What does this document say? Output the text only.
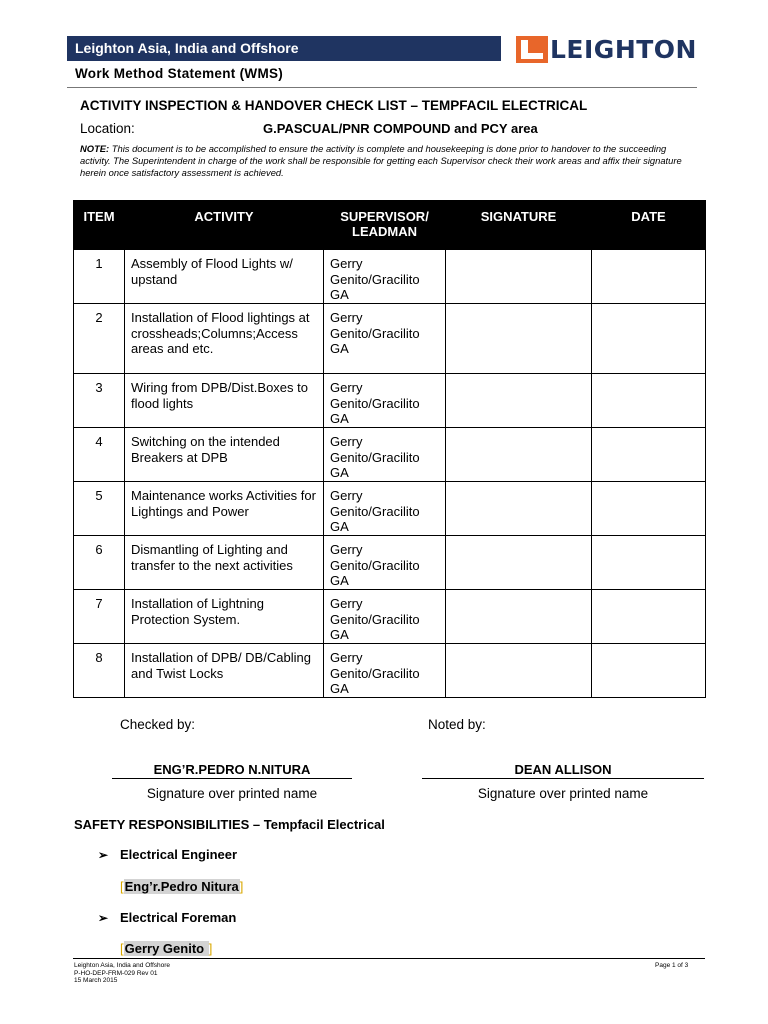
Leighton Asia, India and Offshore	LEIGHTON
Work Method Statement (WMS)
ACTIVITY INSPECTION & HANDOVER CHECK LIST – TEMPFACIL ELECTRICAL
Location:	G.PASCUAL/PNR COMPOUND and PCY area
NOTE: This document is to be accomplished to ensure the activity is complete and housekeeping is done prior to handover to the succeeding activity. The Superintendent in charge of the work shall be responsible for getting each Supervisor check their work areas and affix their signature herein once satisfactory assessment is achieved.
ITEM	ACTIVITY	SUPERVISOR/ LEADMAN	SIGNATURE	DATE
1	Assembly of Flood Lights w/ upstand	Gerry Genito/Gracilito GA		
2	Installation of Flood lightings at crossheads;Columns;Access areas and etc.	Gerry Genito/Gracilito GA		
3	Wiring from DPB/Dist.Boxes to flood lights	Gerry Genito/Gracilito GA		
4	Switching on the intended Breakers at DPB	Gerry Genito/Gracilito GA		
5	Maintenance works Activities for Lightings and Power	Gerry Genito/Gracilito GA		
6	Dismantling of Lighting and transfer to the next activities	Gerry Genito/Gracilito GA		
7	Installation of Lightning Protection System.	Gerry Genito/Gracilito GA		
8	Installation of DPB/ DB/Cabling and Twist Locks	Gerry Genito/Gracilito GA		
Checked by:	Noted by:
ENG’R.PEDRO N.NITURA
Signature over printed name
DEAN ALLISON
Signature over printed name
SAFETY RESPONSIBILITIES – Tempfacil Electrical
➢ Electrical Engineer
[Eng’r.Pedro Nitura]
➢ Electrical Foreman
[Gerry Genito ]
Leighton Asia, India and Offshore
P-HO-DEP-FRM-029 Rev 01
15 March 2015
Page 1 of 3
